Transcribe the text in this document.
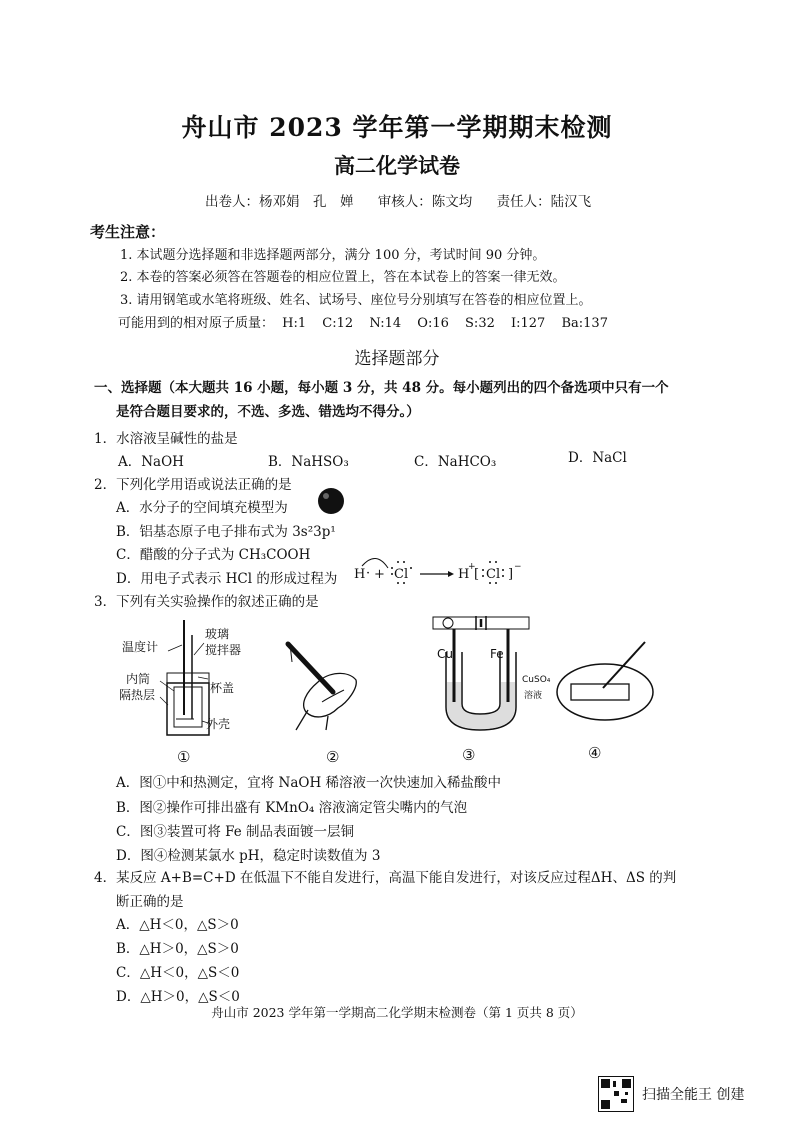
舟山市 2023 学年第一学期期末检测
高二化学试卷
出卷人：杨邓娟　孔　婵 审核人：陈文均 责任人：陆汉飞
考生注意：
1. 本试题分选择题和非选择题两部分，满分 100 分，考试时间 90 分钟。
2. 本卷的答案必须答在答题卷的相应位置上，答在本试卷上的答案一律无效。
3. 请用钢笔或水笔将班级、姓名、试场号、座位号分别填写在答卷的相应位置上。
可能用到的相对原子质量： H:1 C:12 N:14 O:16 S:32 I:127 Ba:137
选择题部分
一、选择题（本大题共 16 小题，每小题 3 分，共 48 分。每小题列出的四个备选项中只有一个
是符合题目要求的，不选、多选、错选均不得分。）
1．水溶液呈碱性的盐是
A．NaOH	B．NaHSO₃	C．NaHCO₃	D．NaCl
2．下列化学用语或说法正确的是
A．水分子的空间填充模型为
B．铝基态原子电子排布式为 3s²3p¹
C．醋酸的分子式为 CH₃COOH
D．用电子式表示 HCl 的形成过程为 H · + Cl	H
+
[ Cl ] −
3．下列有关实验操作的叙述正确的是
温度计
玻璃
搅拌器
内筒
隔热层	杯盖
外壳
Cu	Fe
CuSO₄
溶液
①	②	③	④
A．图①中和热测定，宜将 NaOH 稀溶液一次快速加入稀盐酸中
B．图②操作可排出盛有 KMnO₄ 溶液滴定管尖嘴内的气泡
C．图③装置可将 Fe 制品表面镀一层铜
D．图④检测某氯水 pH，稳定时读数值为 3
4．某反应 A+B=C+D 在低温下不能自发进行，高温下能自发进行，对该反应过程ΔH、ΔS 的判
断正确的是
A．△H＜0，△S＞0
B．△H＞0，△S＞0
C．△H＜0，△S＜0
D．△H＞0，△S＜0
舟山市 2023 学年第一学期高二化学期末检测卷（第 1 页共 8 页）
扫描全能王 创建
